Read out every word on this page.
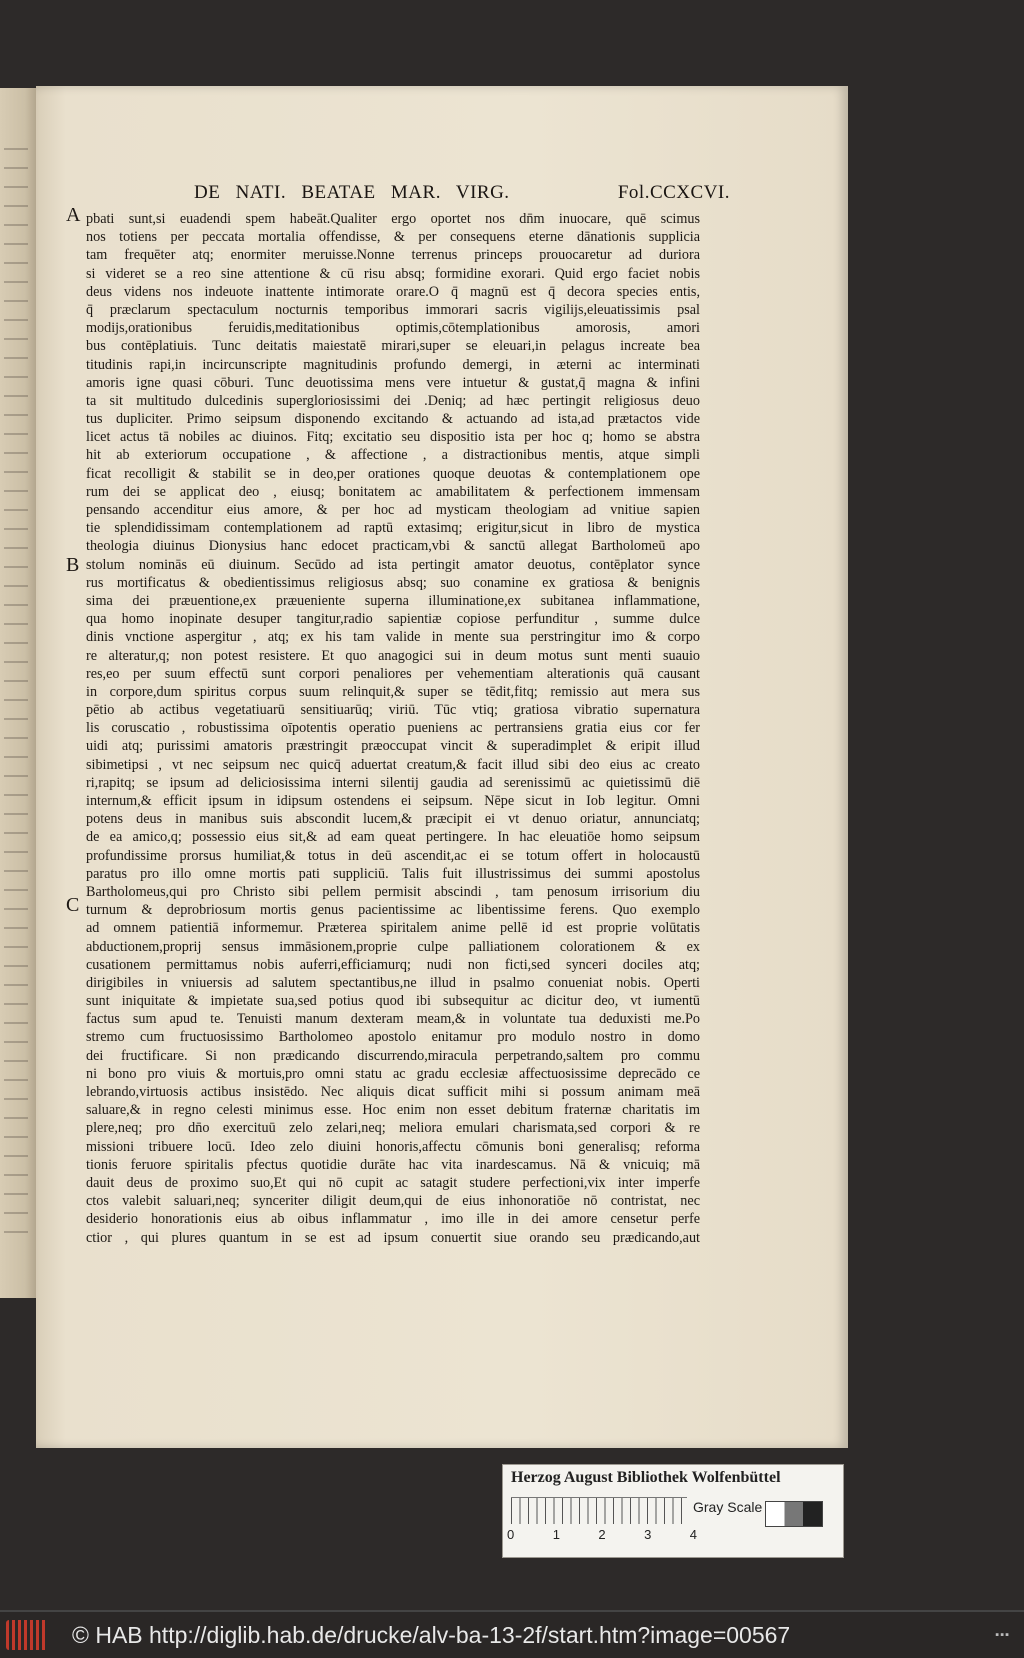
DE NATI. BEATAE MAR. VIRG.	Fol.CCXCVI.
A
B
C
pbati sunt,si euadendi spem habeāt.Qualiter ergo oportet nos dn̄m inuocare, quē scimus
nos totiens per peccata mortalia offendisse, & per consequens eterne dānationis supplicia
tam frequēter atq; enormiter meruisse.Nonne terrenus princeps prouocaretur ad duriora
si videret se a reo sine attentione & cū risu absq; formidine exorari. Quid ergo faciet nobis
deus videns nos indeuote inattente intimorate orare.O q̄ magnū est q̄ decora species entis,
q̄ præclarum spectaculum nocturnis temporibus immorari sacris vigilijs,eleuatissimis psal
modijs,orationibus feruidis,meditationibus optimis,cōtemplationibus amorosis, amori
bus contēplatiuis. Tunc deitatis maiestatē mirari,super se eleuari,in pelagus increate bea
titudinis rapi,in incircunscripte magnitudinis profundo demergi, in æterni ac interminati
amoris igne quasi cōburi. Tunc deuotissima mens vere intuetur & gustat,q̄ magna & infini
ta sit multitudo dulcedinis supergloriosissimi dei .Deniq; ad hæc pertingit religiosus deuo
tus dupliciter. Primo seipsum disponendo excitando & actuando ad ista,ad prætactos vide
licet actus tā nobiles ac diuinos. Fitq; excitatio seu dispositio ista per hoc q; homo se abstra
hit ab exteriorum occupatione , & affectione , a distractionibus mentis, atque simpli
ficat recolligit & stabilit se in deo,per orationes quoque deuotas & contemplationem ope
rum dei se applicat deo , eiusq; bonitatem ac amabilitatem & perfectionem immensam
pensando accenditur eius amore, & per hoc ad mysticam theologiam ad vnitiue sapien
tie splendidissimam contemplationem ad raptū extasimq; erigitur,sicut in libro de mystica
theologia diuinus Dionysius hanc edocet practicam,vbi & sanctū allegat Bartholomeū apo
stolum nominās eū diuinum. Secūdo ad ista pertingit amator deuotus, contēplator synce
rus mortificatus & obedientissimus religiosus absq; suo conamine ex gratiosa & benignis
sima dei præuentione,ex præueniente superna illuminatione,ex subitanea inflammatione,
qua homo inopinate desuper tangitur,radio sapientiæ copiose perfunditur , summe dulce
dinis vnctione aspergitur , atq; ex his tam valide in mente sua perstringitur imo & corpo
re alteratur,q; non potest resistere. Et quo anagogici sui in deum motus sunt menti suauio
res,eo per suum effectū sunt corpori penaliores per vehementiam alterationis quā causant
in corpore,dum spiritus corpus suum relinquit,& super se tēdit,fitq; remissio aut mera sus
pētio ab actibus vegetatiuarū sensitiuarūq; viriū. Tūc vtiq; gratiosa vibratio supernatura
lis coruscatio , robustissima oīpotentis operatio pueniens ac pertransiens gratia eius cor fer
uidi atq; purissimi amatoris præstringit præoccupat vincit & superadimplet & eripit illud
sibimetipsi , vt nec seipsum nec quicq̄ aduertat creatum,& facit illud sibi deo eius ac creato
ri,rapitq; se ipsum ad deliciosissima interni silentij gaudia ad serenissimū ac quietissimū diē
internum,& efficit ipsum in idipsum ostendens ei seipsum. Nēpe sicut in Iob legitur. Omni
potens deus in manibus suis abscondit lucem,& præcipit ei vt denuo oriatur, annunciatq;
de ea amico,q; possessio eius sit,& ad eam queat pertingere. In hac eleuatiōe homo seipsum
profundissime prorsus humiliat,& totus in deū ascendit,ac ei se totum offert in holocaustū
paratus pro illo omne mortis pati suppliciū. Talis fuit illustrissimus dei summi apostolus
Bartholomeus,qui pro Christo sibi pellem permisit abscindi , tam penosum irrisorium diu
turnum & deprobriosum mortis genus pacientissime ac libentissime ferens. Quo exemplo
ad omnem patientiā informemur. Præterea spiritalem anime pellē id est proprie volūtatis
abductionem,proprij sensus immāsionem,proprie culpe palliationem colorationem & ex
cusationem permittamus nobis auferri,efficiamurq; nudi non ficti,sed synceri dociles atq;
dirigibiles in vniuersis ad salutem spectantibus,ne illud in psalmo conueniat nobis. Operti
sunt iniquitate & impietate sua,sed potius quod ibi subsequitur ac dicitur deo, vt iumentū
factus sum apud te. Tenuisti manum dexteram meam,& in voluntate tua deduxisti me.Po
stremo cum fructuosissimo Bartholomeo apostolo enitamur pro modulo nostro in domo
dei fructificare. Si non prædicando discurrendo,miracula perpetrando,saltem pro commu
ni bono pro viuis & mortuis,pro omni statu ac gradu ecclesiæ affectuosissime deprecādo ce
lebrando,virtuosis actibus insistēdo. Nec aliquis dicat sufficit mihi si possum animam meā
saluare,& in regno celesti minimus esse. Hoc enim non esset debitum fraternæ charitatis im
plere,neq; pro dn̄o exercituū zelo zelari,neq; meliora emulari charismata,sed corpori & re
missioni tribuere locū. Ideo zelo diuini honoris,affectu cōmunis boni generalisq; reforma
tionis feruore spiritalis pfectus quotidie durāte hac vita inardescamus. Nā & vnicuiq; mā
dauit deus de proximo suo,Et qui nō cupit ac satagit studere perfectioni,vix inter imperfe
ctos valebit saluari,neq; synceriter diligit deum,qui de eius inhonoratiōe nō contristat, nec
desiderio honorationis eius ab oibus inflammatur , imo ille in dei amore censetur perfe
ctior , qui plures quantum in se est ad ipsum conuertit siue orando seu prædicando,aut
Herzog August Bibliothek Wolfenbüttel
0	1	2	3	4
Gray Scale
© HAB http://diglib.hab.de/drucke/alv-ba-13-2f/start.htm?image=00567	▪▪▪
